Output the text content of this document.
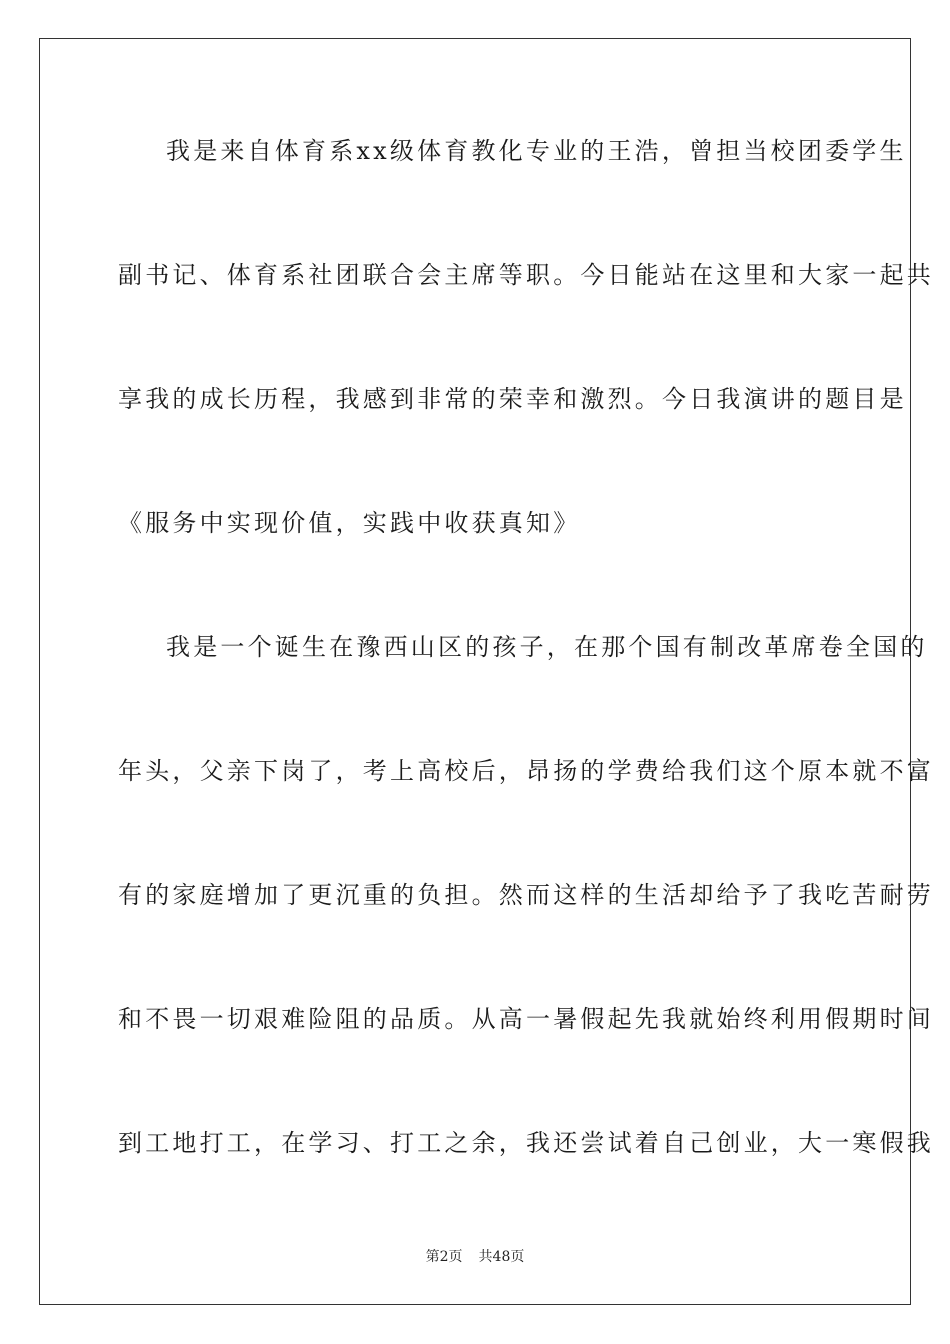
我是来自体育系xx级体育教化专业的王浩，曾担当校团委学生
副书记、体育系社团联合会主席等职。今日能站在这里和大家一起共
享我的成长历程，我感到非常的荣幸和激烈。今日我演讲的题目是
《服务中实现价值，实践中收获真知》
我是一个诞生在豫西山区的孩子，在那个国有制改革席卷全国的
年头，父亲下岗了，考上高校后，昂扬的学费给我们这个原本就不富
有的家庭增加了更沉重的负担。然而这样的生活却给予了我吃苦耐劳
和不畏一切艰难险阻的品质。从高一暑假起先我就始终利用假期时间
到工地打工，在学习、打工之余，我还尝试着自己创业，大一寒假我
第2页 共48页
